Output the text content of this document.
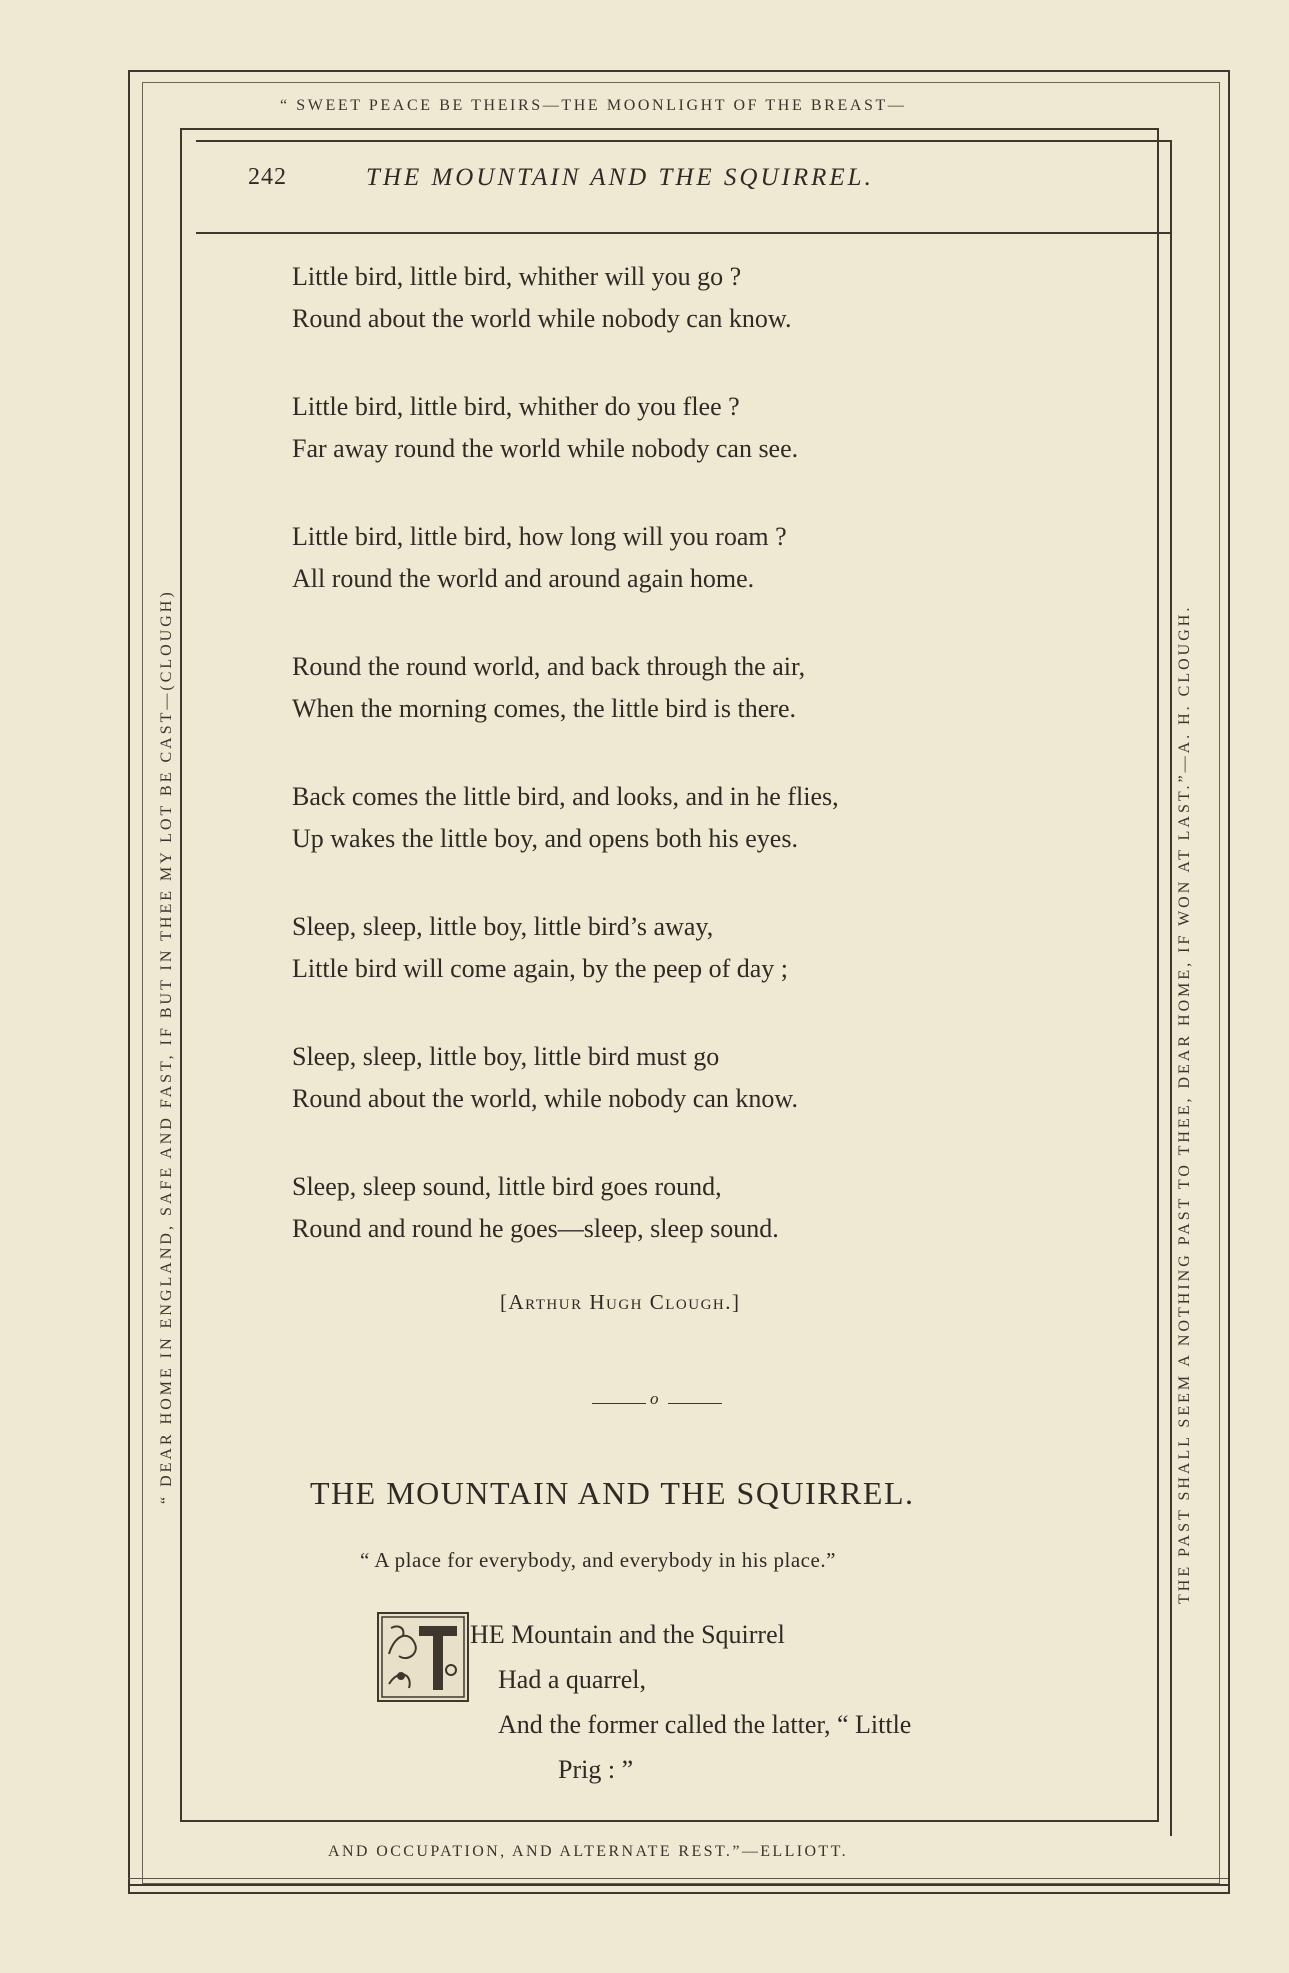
“ SWEET PEACE BE THEIRS—THE MOONLIGHT OF THE BREAST—
AND OCCUPATION, AND ALTERNATE REST.”—ELLIOTT.
“ DEAR HOME IN ENGLAND, SAFE AND FAST, IF BUT IN THEE MY LOT BE CAST—(CLOUGH)	THE PAST SHALL SEEM A NOTHING PAST TO THEE, DEAR HOME, IF WON AT LAST.”—A. H. CLOUGH.
242	THE MOUNTAIN AND THE SQUIRREL.
Little bird, little bird, whither will you go ?
Round about the world while nobody can know.
Little bird, little bird, whither do you flee ?
Far away round the world while nobody can see.
Little bird, little bird, how long will you roam ?
All round the world and around again home.
Round the round world, and back through the air,
When the morning comes, the little bird is there.
Back comes the little bird, and looks, and in he flies,
Up wakes the little boy, and opens both his eyes.
Sleep, sleep, little boy, little bird’s away,
Little bird will come again, by the peep of day ;
Sleep, sleep, little boy, little bird must go
Round about the world, while nobody can know.
Sleep, sleep sound, little bird goes round,
Round and round he goes—sleep, sleep sound.
[Arthur Hugh Clough.]
o
THE MOUNTAIN AND THE SQUIRREL.
“ A place for everybody, and everybody in his place.”
HE Mountain and the Squirrel
Had a quarrel,
And the former called the latter, “ Little
Prig : ”
